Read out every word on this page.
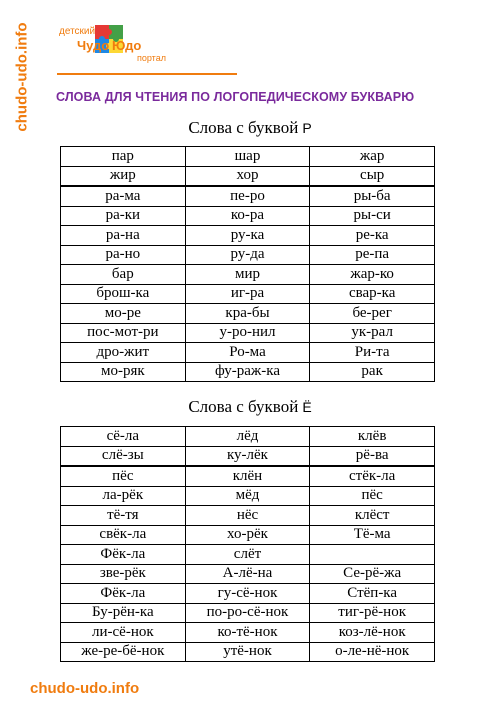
chudo-udo.info	детский
Чудо Юдо
портал
СЛОВА ДЛЯ ЧТЕНИЯ ПО ЛОГОПЕДИЧЕСКОМУ БУКВАРЮ
Слова с буквой Р
пар	шар	жар
жир	хор	сыр
ра-ма	пе-ро	ры-ба
ра-ки	ко-ра	ры-си
ра-на	ру-ка	ре-ка
ра-но	ру-да	ре-па
бар	мир	жар-ко
брош-ка	иг-ра	свар-ка
мо-ре	кра-бы	бе-рег
пос-мот-ри	у-ро-нил	ук-рал
дро-жит	Ро-ма	Ри-та
мо-ряк	фу-раж-ка	рак
Слова с буквой Ё
сё-ла	лёд	клёв
слё-зы	ку-лёк	рё-ва
пёс	клён	стёк-ла
ла-рёк	мёд	пёс
тё-тя	нёс	клёст
свёк-ла	хо-рёк	Тё-ма
Фёк-ла	слёт	
зве-рёк	А-лё-на	Се-рё-жа
Фёк-ла	гу-сё-нок	Стёп-ка
Бу-рён-ка	по-ро-сё-нок	тиг-рё-нок
ли-сё-нок	ко-тё-нок	коз-лё-нок
же-ре-бё-нок	утё-нок	о-ле-нё-нок
chudo-udo.info
